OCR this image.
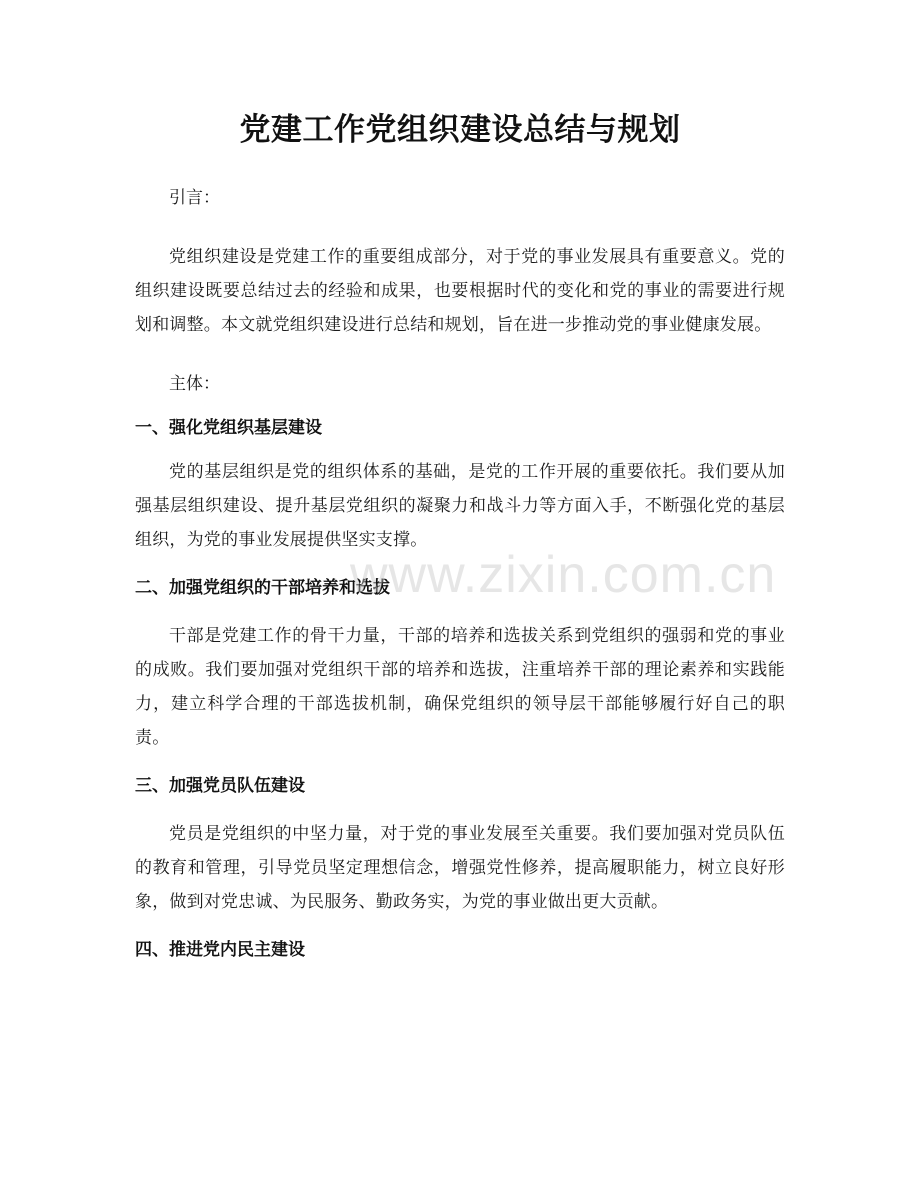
党建工作党组织建设总结与规划

引言：

党组织建设是党建工作的重要组成部分，对于党的事业发展具有重要意义。党的组织建设既要总结过去的经验和成果，也要根据时代的变化和党的事业的需要进行规划和调整。本文就党组织建设进行总结和规划，旨在进一步推动党的事业健康发展。

主体：

一、强化党组织基层建设

党的基层组织是党的组织体系的基础，是党的工作开展的重要依托。我们要从加强基层组织建设、提升基层党组织的凝聚力和战斗力等方面入手，不断强化党的基层组织，为党的事业发展提供坚实支撑。

二、加强党组织的干部培养和选拔

干部是党建工作的骨干力量，干部的培养和选拔关系到党组织的强弱和党的事业的成败。我们要加强对党组织干部的培养和选拔，注重培养干部的理论素养和实践能力，建立科学合理的干部选拔机制，确保党组织的领导层干部能够履行好自己的职责。

三、加强党员队伍建设

党员是党组织的中坚力量，对于党的事业发展至关重要。我们要加强对党员队伍的教育和管理，引导党员坚定理想信念，增强党性修养，提高履职能力，树立良好形象，做到对党忠诚、为民服务、勤政务实，为党的事业做出更大贡献。

四、推进党内民主建设

www.zixin.com.cn
